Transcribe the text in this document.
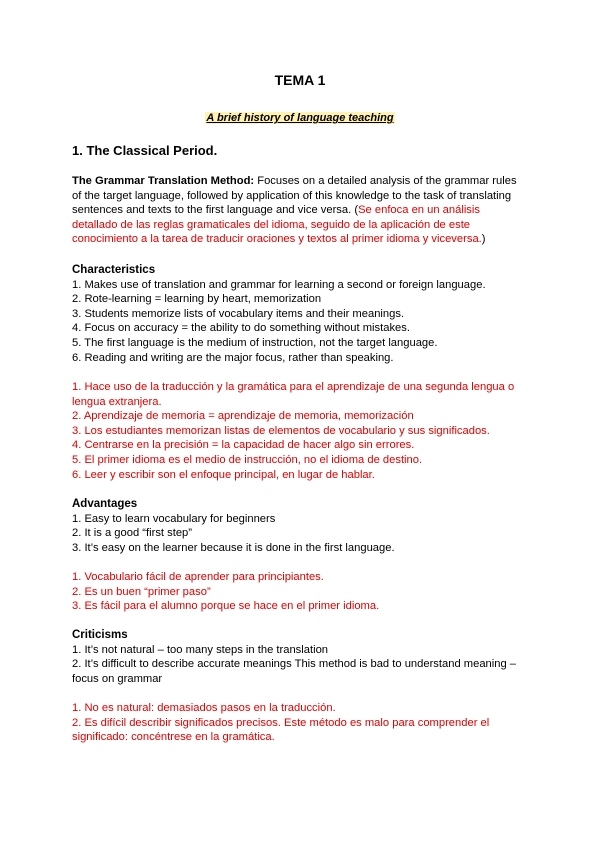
TEMA 1
A brief history of language teaching
1. The Classical Period.
The Grammar Translation Method: Focuses on a detailed analysis of the grammar rules of the target language, followed by application of this knowledge to the task of translating sentences and texts to the first language and vice versa. (Se enfoca en un análisis detallado de las reglas gramaticales del idioma, seguido de la aplicación de este conocimiento a la tarea de traducir oraciones y textos al primer idioma y viceversa.)
Characteristics
1. Makes use of translation and grammar for learning a second or foreign language.
2. Rote-learning = learning by heart, memorization
3. Students memorize lists of vocabulary items and their meanings.
4. Focus on accuracy = the ability to do something without mistakes.
5. The first language is the medium of instruction, not the target language.
6. Reading and writing are the major focus, rather than speaking.
1. Hace uso de la traducción y la gramática para el aprendizaje de una segunda lengua o lengua extranjera.
2. Aprendizaje de memoria = aprendizaje de memoria, memorización
3. Los estudiantes memorizan listas de elementos de vocabulario y sus significados.
4. Centrarse en la precisión = la capacidad de hacer algo sin errores.
5. El primer idioma es el medio de instrucción, no el idioma de destino.
6. Leer y escribir son el enfoque principal, en lugar de hablar.
Advantages
1. Easy to learn vocabulary for beginners
2. It is a good “first step”
3. It’s easy on the learner because it is done in the first language.
1. Vocabulario fácil de aprender para principiantes.
2. Es un buen “primer paso”
3. Es fácil para el alumno porque se hace en el primer idioma.
Criticisms
1. It’s not natural – too many steps in the translation
2. It’s difficult to describe accurate meanings This method is bad to understand meaning –focus on grammar
1. No es natural: demasiados pasos en la traducción.
2. Es difícil describir significados precisos. Este método es malo para comprender el significado: concéntrese en la gramática.
